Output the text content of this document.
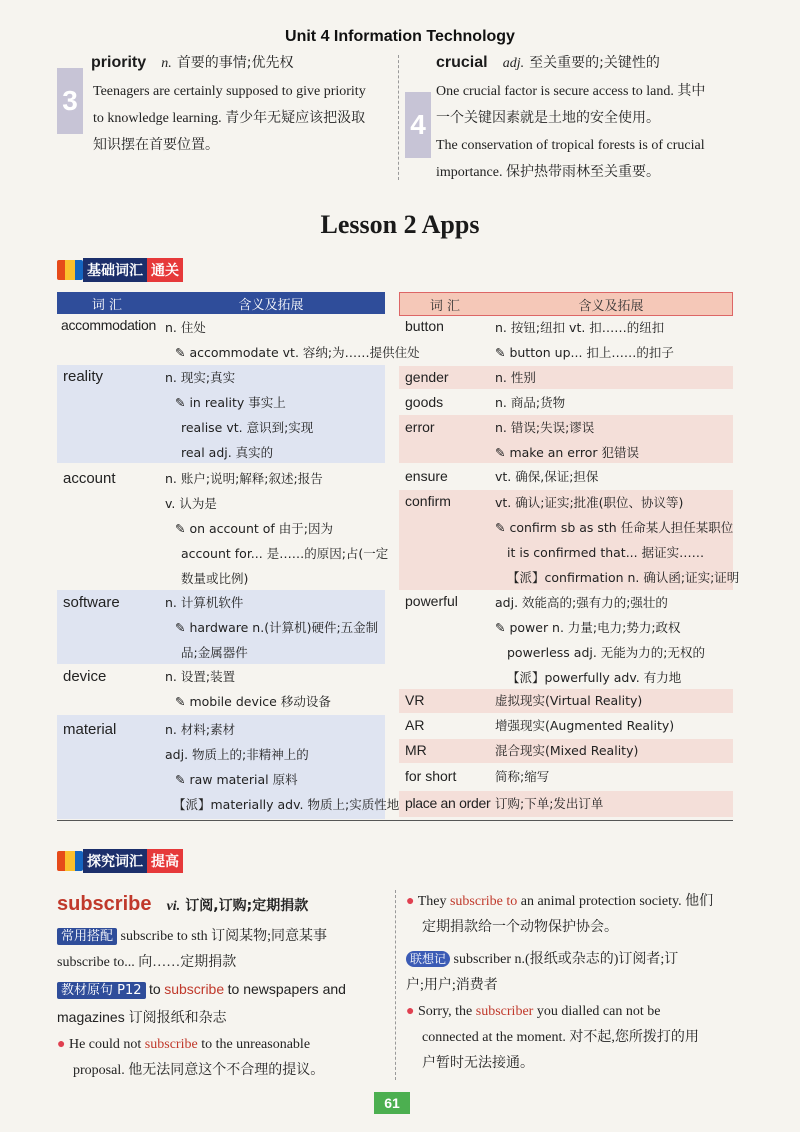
Unit 4 Information Technology
3
priority n. 首要的事情;优先权
Teenagers are certainly supposed to give priority
to knowledge learning. 青少年无疑应该把汲取
知识摆在首要位置。
4
crucial adj. 至关重要的;关键性的
One crucial factor is secure access to land. 其中
一个关键因素就是土地的安全使用。
The conservation of tropical forests is of crucial
importance. 保护热带雨林至关重要。
Lesson 2 Apps
基础词汇 通关
词 汇	含义及拓展	词 汇	含义及拓展
accommodation n. 住处
✎ accommodate vt. 容纳;为……提供住处
reality	n. 现实;真实
✎ in reality 事实上
realise vt. 意识到;实现
real adj. 真实的
account	n. 账户;说明;解释;叙述;报告
v. 认为是
✎ on account of 由于;因为
account for... 是……的原因;占(一定
数量或比例)
software	n. 计算机软件
✎ hardware n.(计算机)硬件;五金制
品;金属器件
device	n. 设置;装置
✎ mobile device 移动设备
material	n. 材料;素材
adj. 物质上的;非精神上的
✎ raw material 原料
【派】materially adv. 物质上;实质性地
button	n. 按钮;纽扣 vt. 扣……的纽扣
✎ button up... 扣上……的扣子
gender	n. 性别
goods	n. 商品;货物
error	n. 错误;失误;谬误
✎ make an error 犯错误
ensure	vt. 确保,保证;担保
confirm	vt. 确认;证实;批准(职位、协议等)
✎ confirm sb as sth 任命某人担任某职位
it is confirmed that... 据证实……
【派】confirmation n. 确认函;证实;证明
powerful	adj. 效能高的;强有力的;强壮的
✎ power n. 力量;电力;势力;政权
powerless adj. 无能为力的;无权的
【派】powerfully adv. 有力地
VR	虚拟现实(Virtual Reality)
AR	增强现实(Augmented Reality)
MR	混合现实(Mixed Reality)
for short	简称;缩写
place an order 订购;下单;发出订单
探究词汇 提高
subscribe vi. 订阅,订购;定期捐款
常用搭配 subscribe to sth 订阅某物;同意某事
subscribe to... 向……定期捐款
教材原句 P12 to subscribe to newspapers and
magazines 订阅报纸和杂志
● He could not subscribe to the unreasonable
proposal. 他无法同意这个不合理的提议。
● They subscribe to an animal protection society. 他们
定期捐款给一个动物保护协会。
联想记 subscriber n.(报纸或杂志的)订阅者;订
户;用户;消费者
● Sorry, the subscriber you dialled can not be
connected at the moment. 对不起,您所拨打的用
户暂时无法接通。
61
